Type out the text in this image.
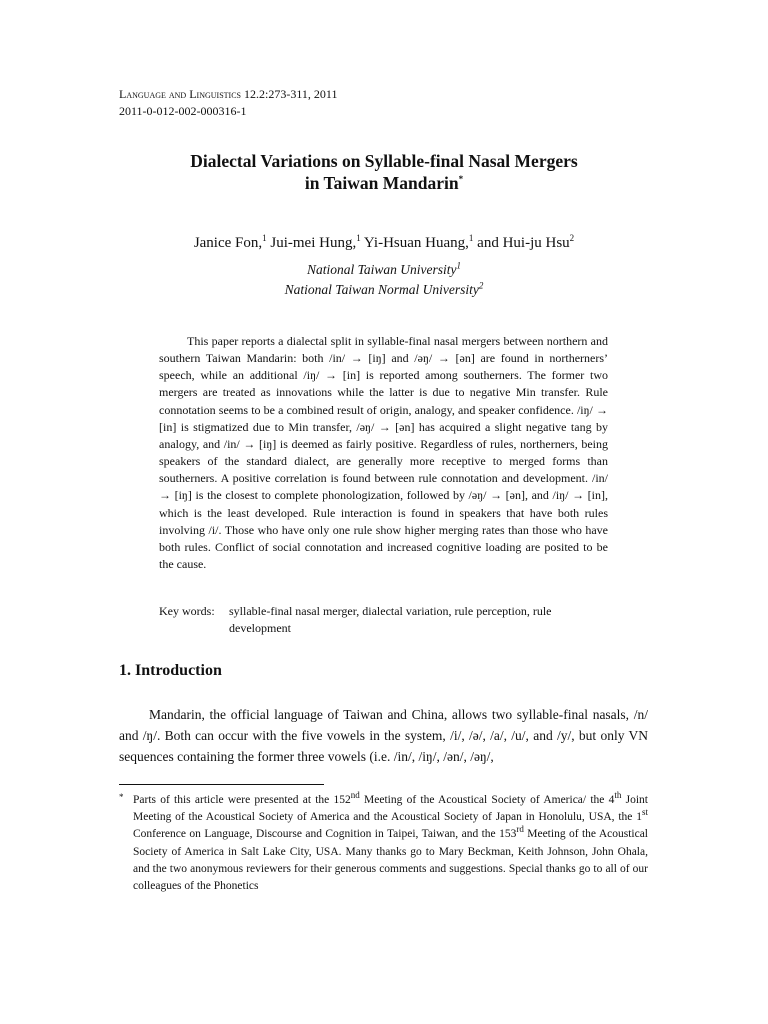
Language and Linguistics 12.2:273-311, 2011
2011-0-012-002-000316-1
Dialectal Variations on Syllable-final Nasal Mergers
in Taiwan Mandarin*
Janice Fon,$^1$ Jui-mei Hung,$^1$ Yi-Hsuan Huang,$^1$ and Hui-ju Hsu$^2$
National Taiwan University$^1$
National Taiwan Normal University$^2$
This paper reports a dialectal split in syllable-final nasal mergers between northern and southern Taiwan Mandarin: both /in/ → [iŋ] and /əŋ/ → [ən] are found in northerners’ speech, while an additional /iŋ/ → [in] is reported among southerners. The former two mergers are treated as innovations while the latter is due to negative Min transfer. Rule connotation seems to be a combined result of origin, analogy, and speaker confidence. /iŋ/ → [in] is stigmatized due to Min transfer, /əŋ/ → [ən] has acquired a slight negative tang by analogy, and /in/ → [iŋ] is deemed as fairly positive. Regardless of rules, northerners, being speakers of the standard dialect, are generally more receptive to merged forms than southerners. A positive correlation is found between rule connotation and development. /in/ → [iŋ] is the closest to complete phonologization, followed by /əŋ/ → [ən], and /iŋ/ → [in], which is the least developed. Rule interaction is found in speakers that have both rules involving /i/. Those who have only one rule show higher merging rates than those who have both rules. Conflict of social connotation and increased cognitive loading are posited to be the cause.
Key words:	syllable-final nasal merger, dialectal variation, rule perception, rule development
1. Introduction
Mandarin, the official language of Taiwan and China, allows two syllable-final nasals, /n/ and /ŋ/. Both can occur with the five vowels in the system, /i/, /ə/, /a/, /u/, and /y/, but only VN sequences containing the former three vowels (i.e. /in/, /iŋ/, /ən/, /əŋ/,
* Parts of this article were presented at the 152nd Meeting of the Acoustical Society of America/ the 4th Joint Meeting of the Acoustical Society of America and the Acoustical Society of Japan in Honolulu, USA, the 1st Conference on Language, Discourse and Cognition in Taipei, Taiwan, and the 153rd Meeting of the Acoustical Society of America in Salt Lake City, USA. Many thanks go to Mary Beckman, Keith Johnson, John Ohala, and the two anonymous reviewers for their generous comments and suggestions. Special thanks go to all of our colleagues of the Phonetics
